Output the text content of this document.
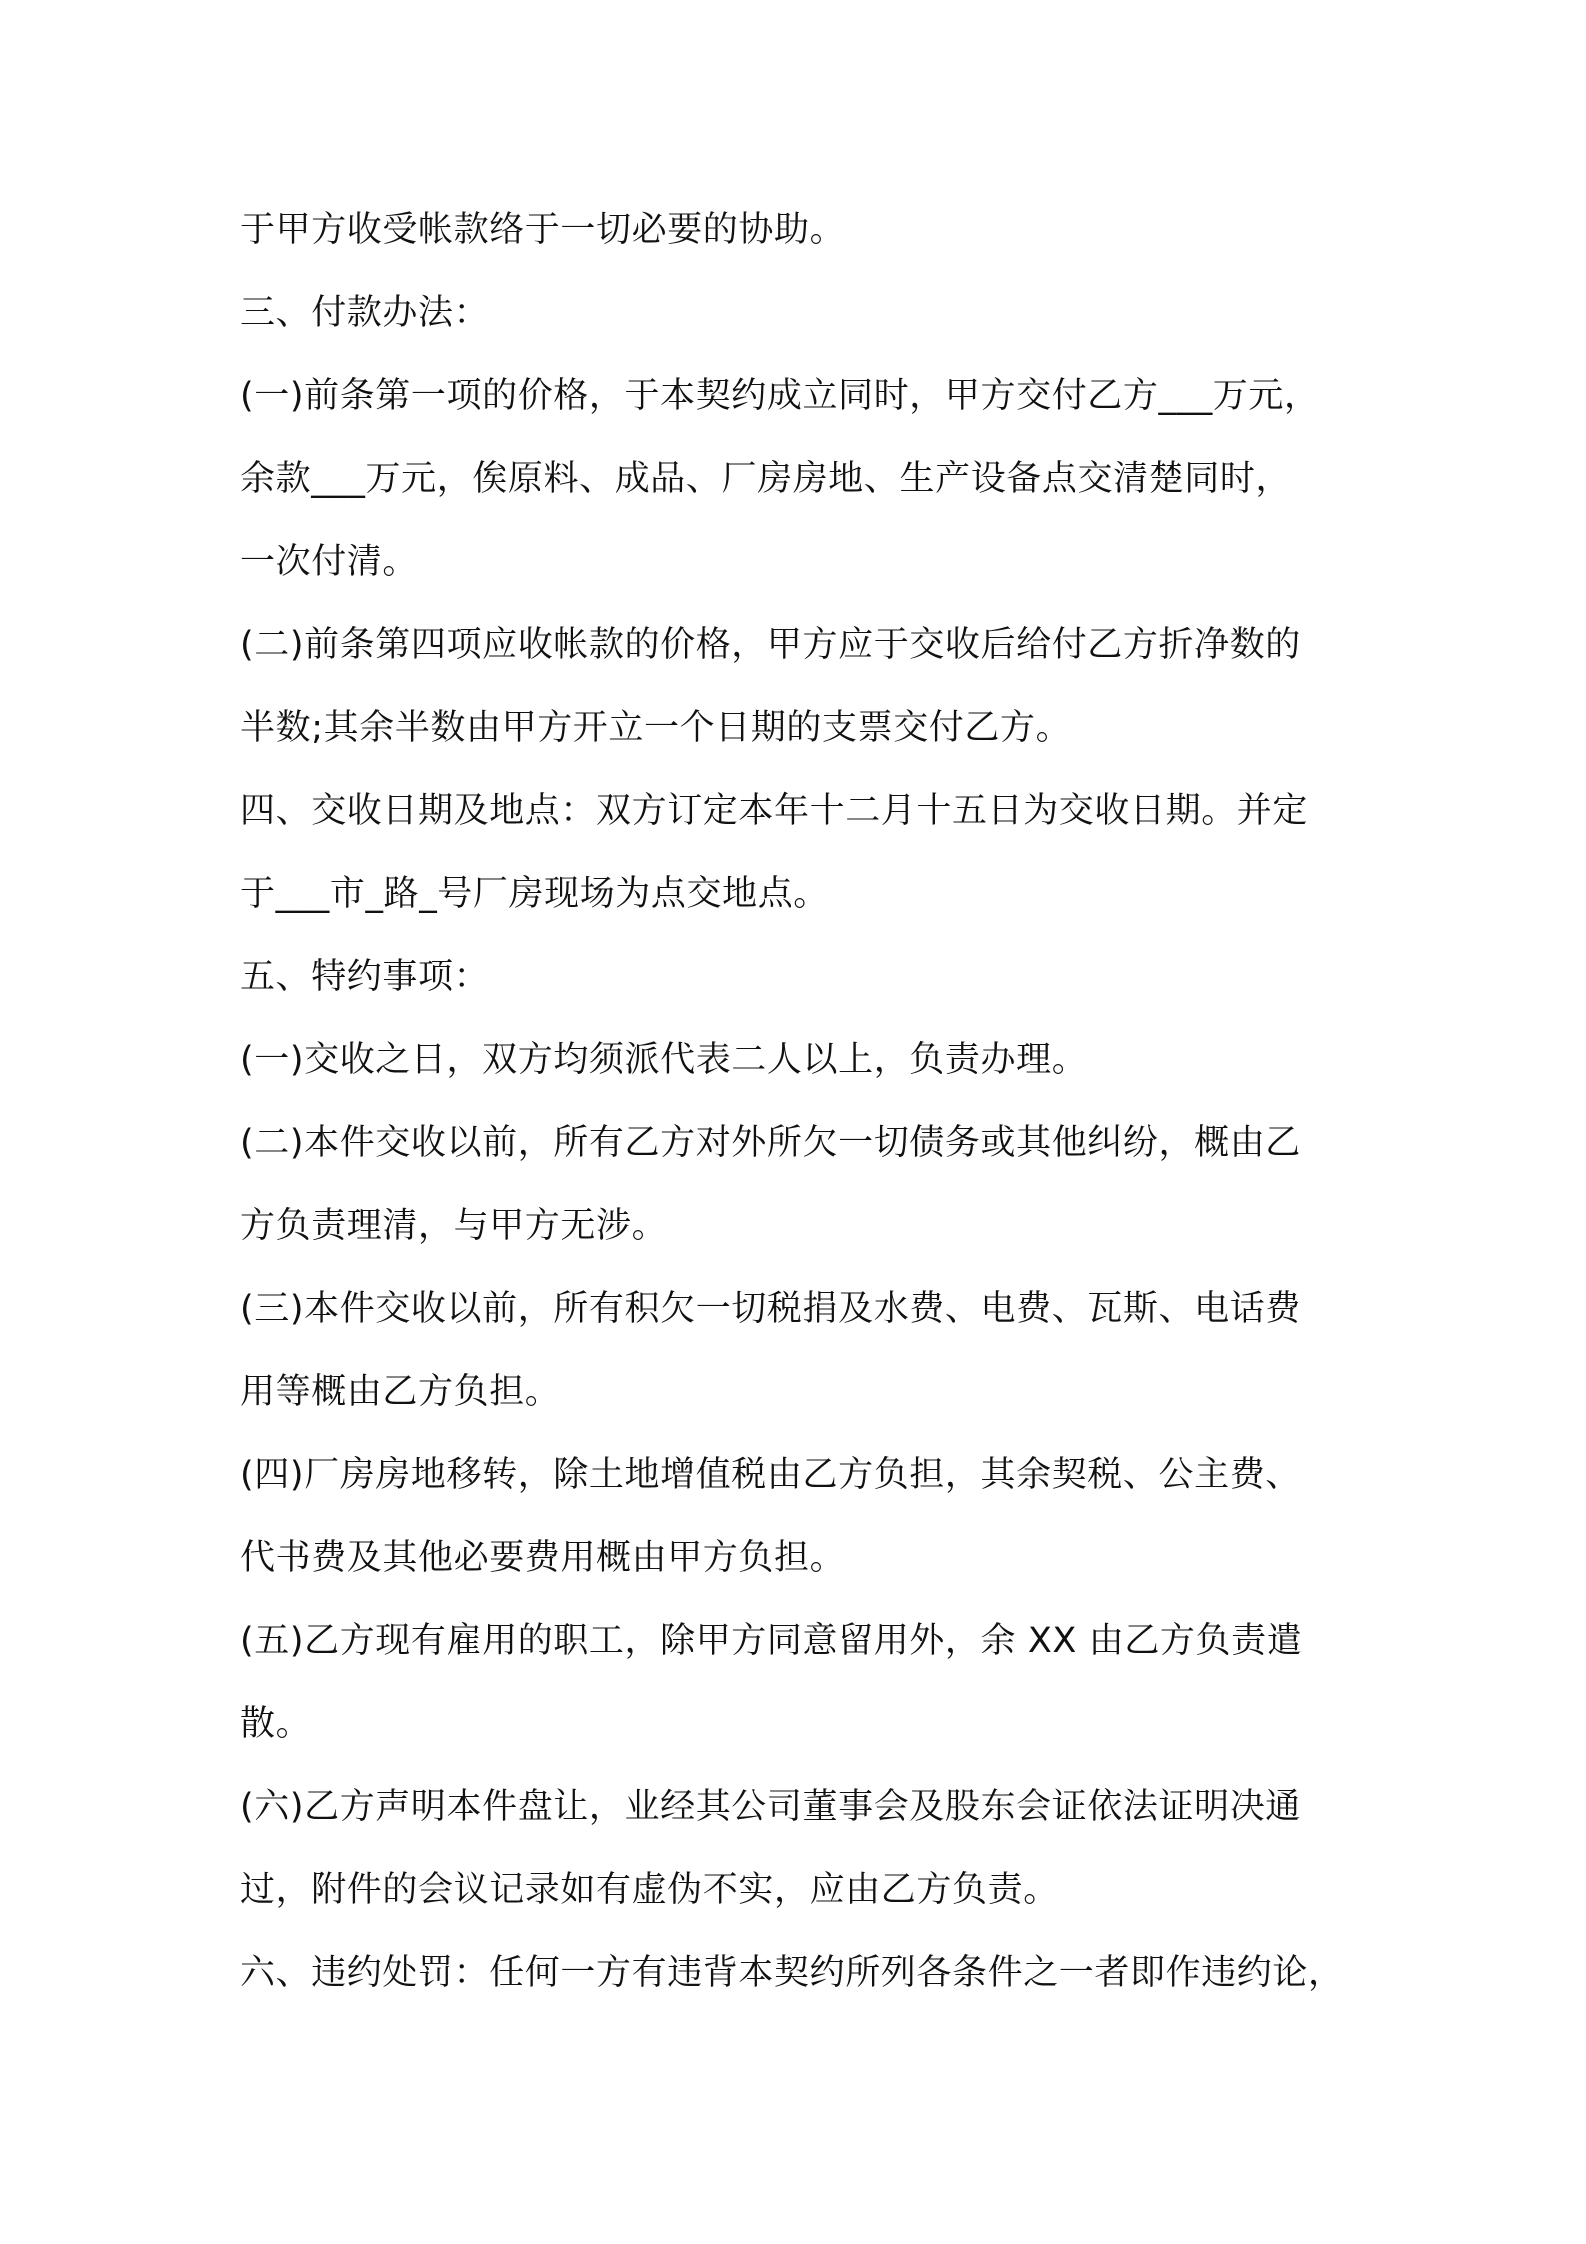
于甲方收受帐款络于一切必要的协助。
三、付款办法：
(一)前条第一项的价格，于本契约成立同时，甲方交付乙方___万元，
余款___万元，俟原料、成品、厂房房地、生产设备点交清楚同时，
一次付清。
(二)前条第四项应收帐款的价格，甲方应于交收后给付乙方折净数的
半数;其余半数由甲方开立一个日期的支票交付乙方。
四、交收日期及地点：双方订定本年十二月十五日为交收日期。并定
于___市_路_号厂房现场为点交地点。
五、特约事项：
(一)交收之日，双方均须派代表二人以上，负责办理。
(二)本件交收以前，所有乙方对外所欠一切债务或其他纠纷，概由乙
方负责理清，与甲方无涉。
(三)本件交收以前，所有积欠一切税捐及水费、电费、瓦斯、电话费
用等概由乙方负担。
(四)厂房房地移转，除土地增值税由乙方负担，其余契税、公主费、
代书费及其他必要费用概由甲方负担。
(五)乙方现有雇用的职工，除甲方同意留用外，余 XX 由乙方负责遣
散。
(六)乙方声明本件盘让，业经其公司董事会及股东会证依法证明决通
过，附件的会议记录如有虚伪不实，应由乙方负责。
六、违约处罚：任何一方有违背本契约所列各条件之一者即作违约论，
